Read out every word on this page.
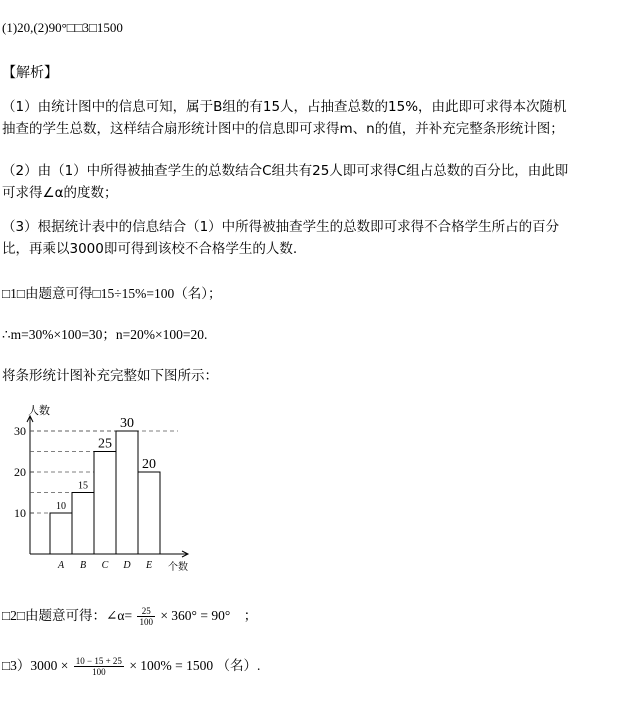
(1)20,(2)90°□□3□1500
【解析】
（1）由统计图中的信息可知，属于B组的有15人，占抽查总数的15%，由此即可求得本次随机
抽查的学生总数，这样结合扇形统计图中的信息即可求得m、n的值，并补充完整条形统计图；
（2）由（1）中所得被抽查学生的总数结合C组共有25人即可求得C组占总数的百分比，由此即
可求得∠α的度数；
（3）根据统计表中的信息结合（1）中所得被抽查学生的总数即可求得不合格学生所占的百分
比，再乘以3000即可得到该校不合格学生的人数.
□1□由题意可得□15÷15%=100（名）；
∴m=30%×100=30；n=20%×100=20.
将条形统计图补充完整如下图所示：
人数
个数
10
20
30
10
A
15
B
25
C
30
D
20
E
□2□由题意可得：∠α= $\frac{25}{100} \times 360^\circ = 90^\circ$　；
□3）3000 × $\frac{10 - 15 + 25}{100} \times 100\% = 1500$ （名）.
